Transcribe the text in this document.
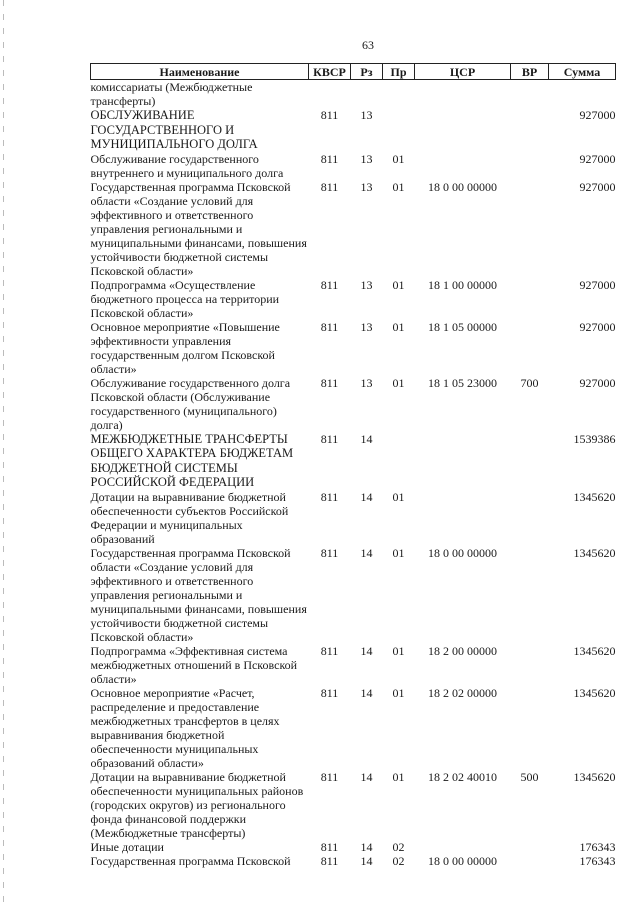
63
Наименование	КВСР	Рз	Пр	ЦСР	ВР	Сумма
комиссариаты (Межбюджетные трансферты)						
ОБСЛУЖИВАНИЕ ГОСУДАРСТВЕННОГО И МУНИЦИПАЛЬНОГО ДОЛГА	811	13				927000
Обслуживание государственного внутреннего и муниципального долга	811	13	01			927000
Государственная программа Псковской области «Создание условий для эффективного и ответственного управления региональными и муниципальными финансами, повышения устойчивости бюджетной системы Псковской области»	811	13	01	18 0 00 00000		927000
Подпрограмма «Осуществление бюджетного процесса на территории Псковской области»	811	13	01	18 1 00 00000		927000
Основное мероприятие «Повышение эффективности управления государственным долгом Псковской области»	811	13	01	18 1 05 00000		927000
Обслуживание государственного долга Псковской области (Обслуживание государственного (муниципального) долга)	811	13	01	18 1 05 23000	700	927000
МЕЖБЮДЖЕТНЫЕ ТРАНСФЕРТЫ ОБЩЕГО ХАРАКТЕРА БЮДЖЕТАМ БЮДЖЕТНОЙ СИСТЕМЫ РОССИЙСКОЙ ФЕДЕРАЦИИ	811	14				1539386
Дотации на выравнивание бюджетной обеспеченности субъектов Российской Федерации и муниципальных образований	811	14	01			1345620
Государственная программа Псковской области «Создание условий для эффективного и ответственного управления региональными и муниципальными финансами, повышения устойчивости бюджетной системы Псковской области»	811	14	01	18 0 00 00000		1345620
Подпрограмма «Эффективная система межбюджетных отношений в Псковской области»	811	14	01	18 2 00 00000		1345620
Основное мероприятие «Расчет, распределение и предоставление межбюджетных трансфертов в целях выравнивания бюджетной обеспеченности муниципальных образований области»	811	14	01	18 2 02 00000		1345620
Дотации на выравнивание бюджетной обеспеченности муниципальных районов (городских округов) из регионального фонда финансовой поддержки (Межбюджетные трансферты)	811	14	01	18 2 02 40010	500	1345620
Иные дотации	811	14	02			176343
Государственная программа Псковской	811	14	02	18 0 00 00000		176343
